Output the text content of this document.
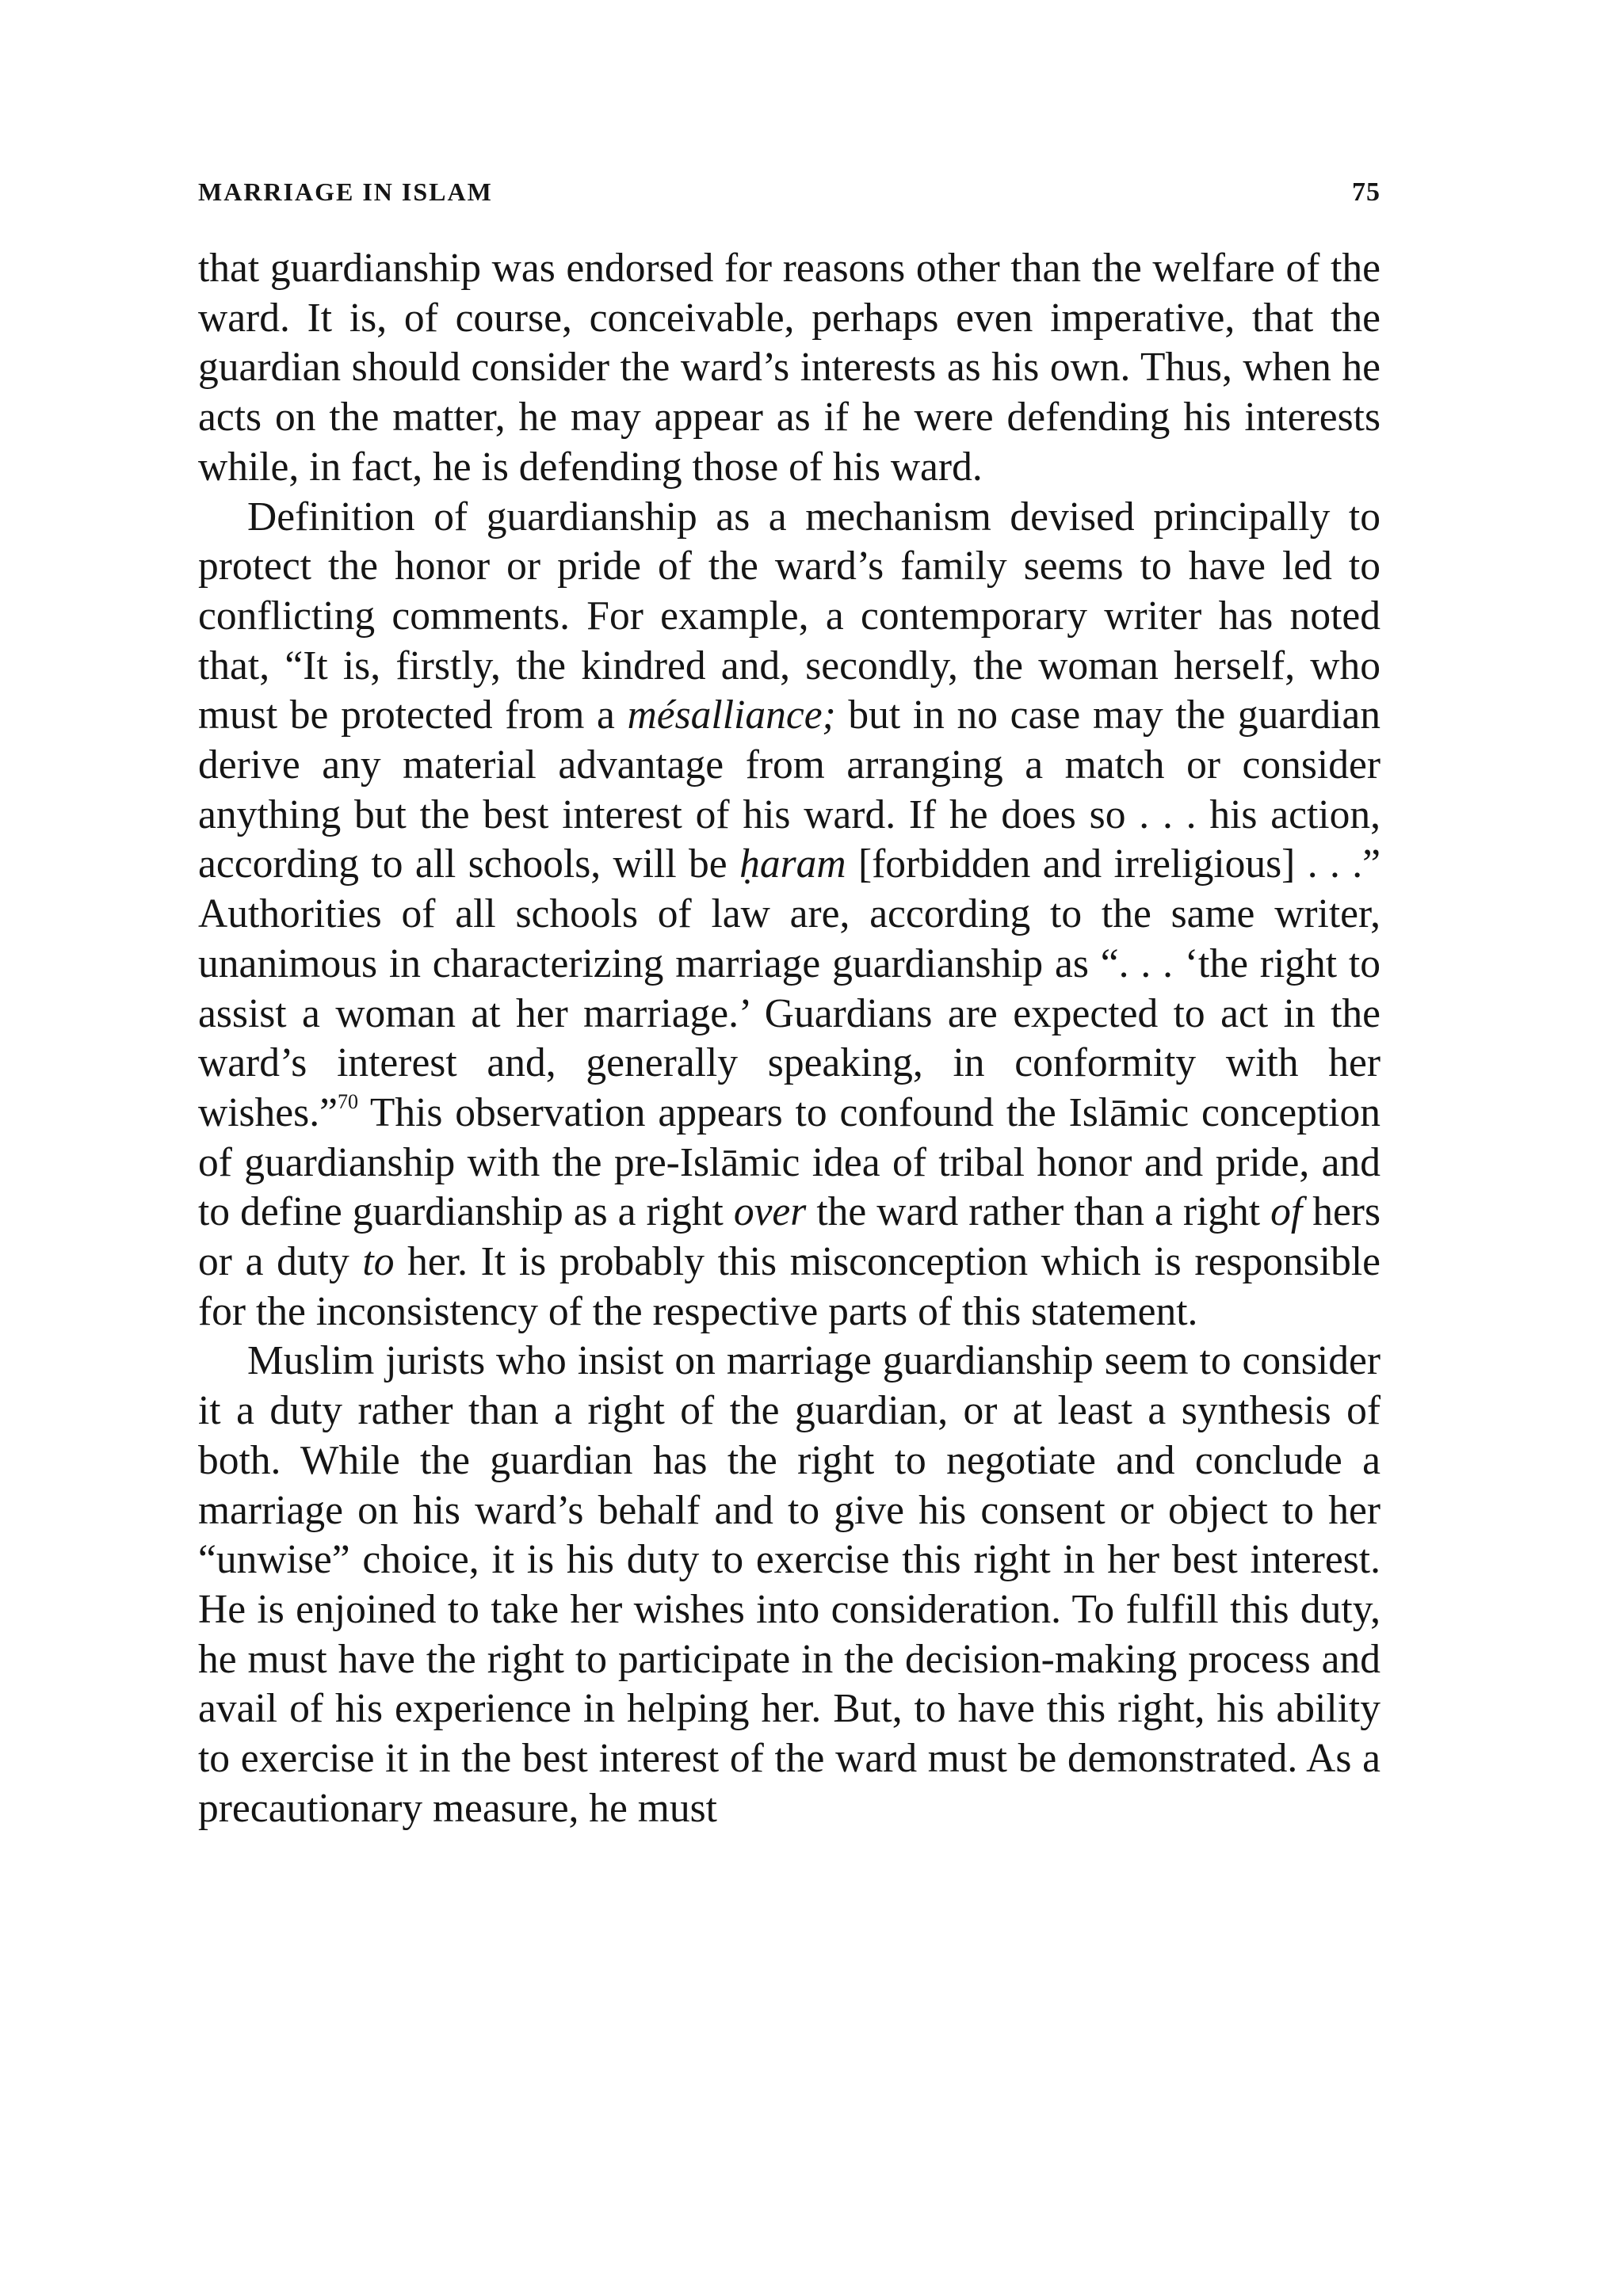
MARRIAGE IN ISLAM	75

that guardianship was endorsed for reasons other than the welfare of the ward. It is, of course, conceivable, perhaps even imperative, that the guardian should consider the ward’s interests as his own. Thus, when he acts on the matter, he may appear as if he were defending his interests while, in fact, he is defending those of his ward.

Definition of guardianship as a mechanism devised principally to protect the honor or pride of the ward’s family seems to have led to conflicting comments. For example, a contemporary writer has noted that, “It is, firstly, the kindred and, secondly, the woman herself, who must be protected from a mésalliance; but in no case may the guardian derive any material advantage from arranging a match or consider anything but the best interest of his ward. If he does so . . . his action, according to all schools, will be ḥaram [forbidden and irreligious] . . .” Authorities of all schools of law are, according to the same writer, unanimous in characterizing marriage guardianship as “. . . ‘the right to assist a woman at her marriage.’ Guardians are expected to act in the ward’s interest and, generally speaking, in conformity with her wishes.”$^{70}$ This observation appears to confound the Islāmic conception of guardianship with the pre-Islāmic idea of tribal honor and pride, and to define guardianship as a right over the ward rather than a right of hers or a duty to her. It is probably this misconception which is responsible for the inconsistency of the respective parts of this statement.

Muslim jurists who insist on marriage guardianship seem to consider it a duty rather than a right of the guardian, or at least a synthesis of both. While the guardian has the right to negotiate and conclude a marriage on his ward’s behalf and to give his consent or object to her “unwise” choice, it is his duty to exercise this right in her best interest. He is enjoined to take her wishes into consideration. To fulfill this duty, he must have the right to participate in the decision-making process and avail of his experience in helping her. But, to have this right, his ability to exercise it in the best interest of the ward must be demonstrated. As a precautionary measure, he must
